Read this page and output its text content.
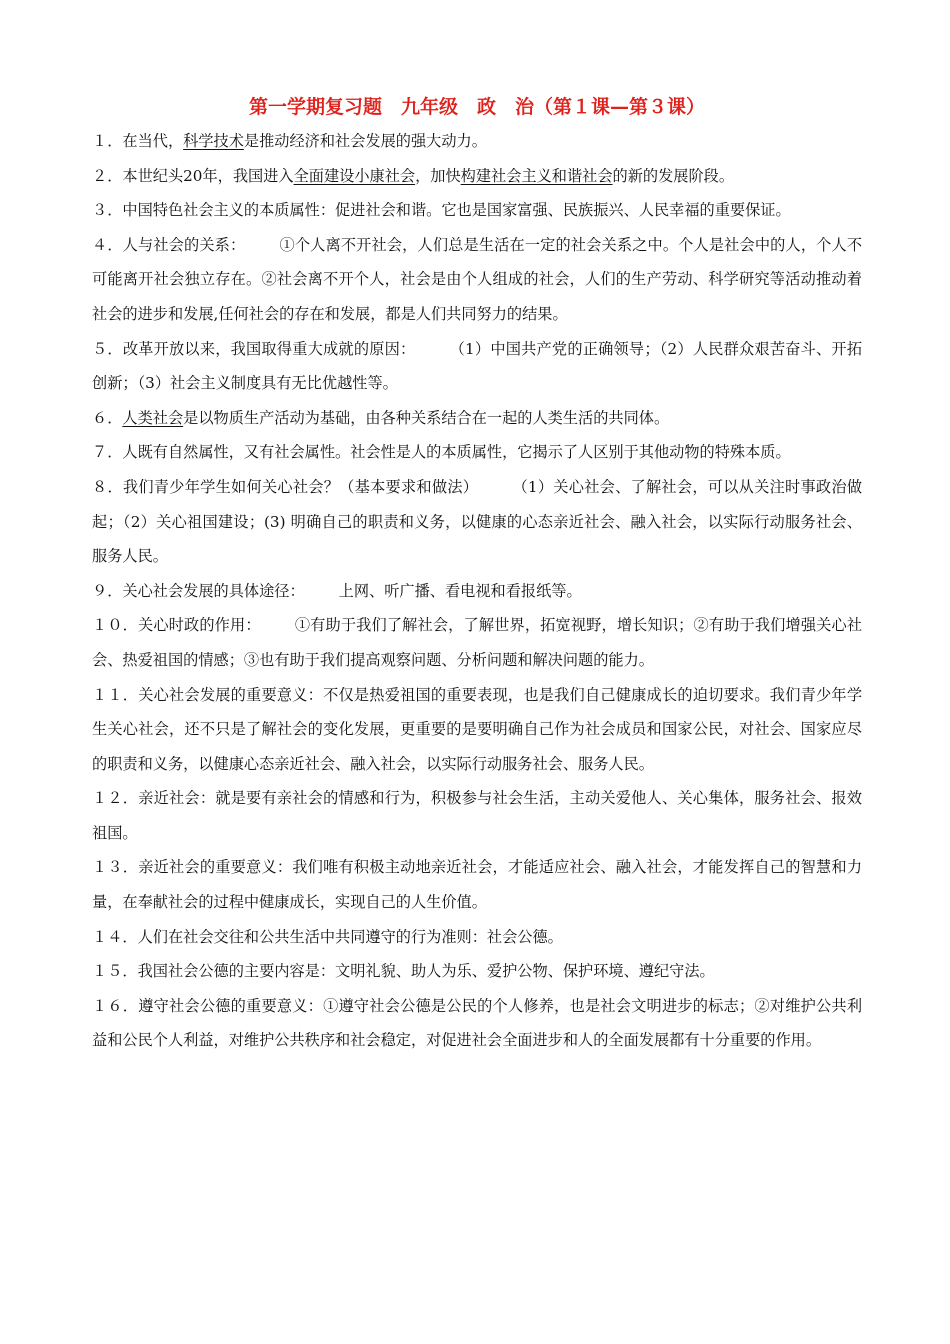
第一学期复习题　九年级　政　治（第１课—第３课）

１．在当代，科学技术是推动经济和社会发展的强大动力。

２．本世纪头20年，我国进入全面建设小康社会，加快构建社会主义和谐社会的新的发展阶段。

３．中国特色社会主义的本质属性：促进社会和谐。它也是国家富强、民族振兴、人民幸福的重要保证。

４．人与社会的关系： ①个人离不开社会，人们总是生活在一定的社会关系之中。个人是社会中的人，个人不可能离开社会独立存在。②社会离不开个人，社会是由个人组成的社会，人们的生产劳动、科学研究等活动推动着社会的进步和发展,任何社会的存在和发展，都是人们共同努力的结果。

５．改革开放以来，我国取得重大成就的原因： （1）中国共产党的正确领导；（2）人民群众艰苦奋斗、开拓创新；（3）社会主义制度具有无比优越性等。

６．人类社会是以物质生产活动为基础，由各种关系结合在一起的人类生活的共同体。

７．人既有自然属性，又有社会属性。社会性是人的本质属性，它揭示了人区别于其他动物的特殊本质。

８．我们青少年学生如何关心社会？（基本要求和做法） （1）关心社会、了解社会，可以从关注时事政治做起；（2）关心祖国建设；(3) 明确自己的职责和义务，以健康的心态亲近社会、融入社会，以实际行动服务社会、服务人民。

９．关心社会发展的具体途径： 上网、听广播、看电视和看报纸等。

１０．关心时政的作用： ①有助于我们了解社会，了解世界，拓宽视野，增长知识；②有助于我们增强关心社会、热爱祖国的情感；③也有助于我们提高观察问题、分析问题和解决问题的能力。

１１．关心社会发展的重要意义：不仅是热爱祖国的重要表现，也是我们自己健康成长的迫切要求。我们青少年学生关心社会，还不只是了解社会的变化发展，更重要的是要明确自己作为社会成员和国家公民，对社会、国家应尽的职责和义务，以健康心态亲近社会、融入社会，以实际行动服务社会、服务人民。

１２．亲近社会：就是要有亲社会的情感和行为，积极参与社会生活，主动关爱他人、关心集体，服务社会、报效祖国。

１３．亲近社会的重要意义：我们唯有积极主动地亲近社会，才能适应社会、融入社会，才能发挥自己的智慧和力量，在奉献社会的过程中健康成长，实现自己的人生价值。

１４．人们在社会交往和公共生活中共同遵守的行为准则：社会公德。

１５．我国社会公德的主要内容是：文明礼貌、助人为乐、爱护公物、保护环境、遵纪守法。

１６．遵守社会公德的重要意义：①遵守社会公德是公民的个人修养，也是社会文明进步的标志；②对维护公共利益和公民个人利益，对维护公共秩序和社会稳定，对促进社会全面进步和人的全面发展都有十分重要的作用。
